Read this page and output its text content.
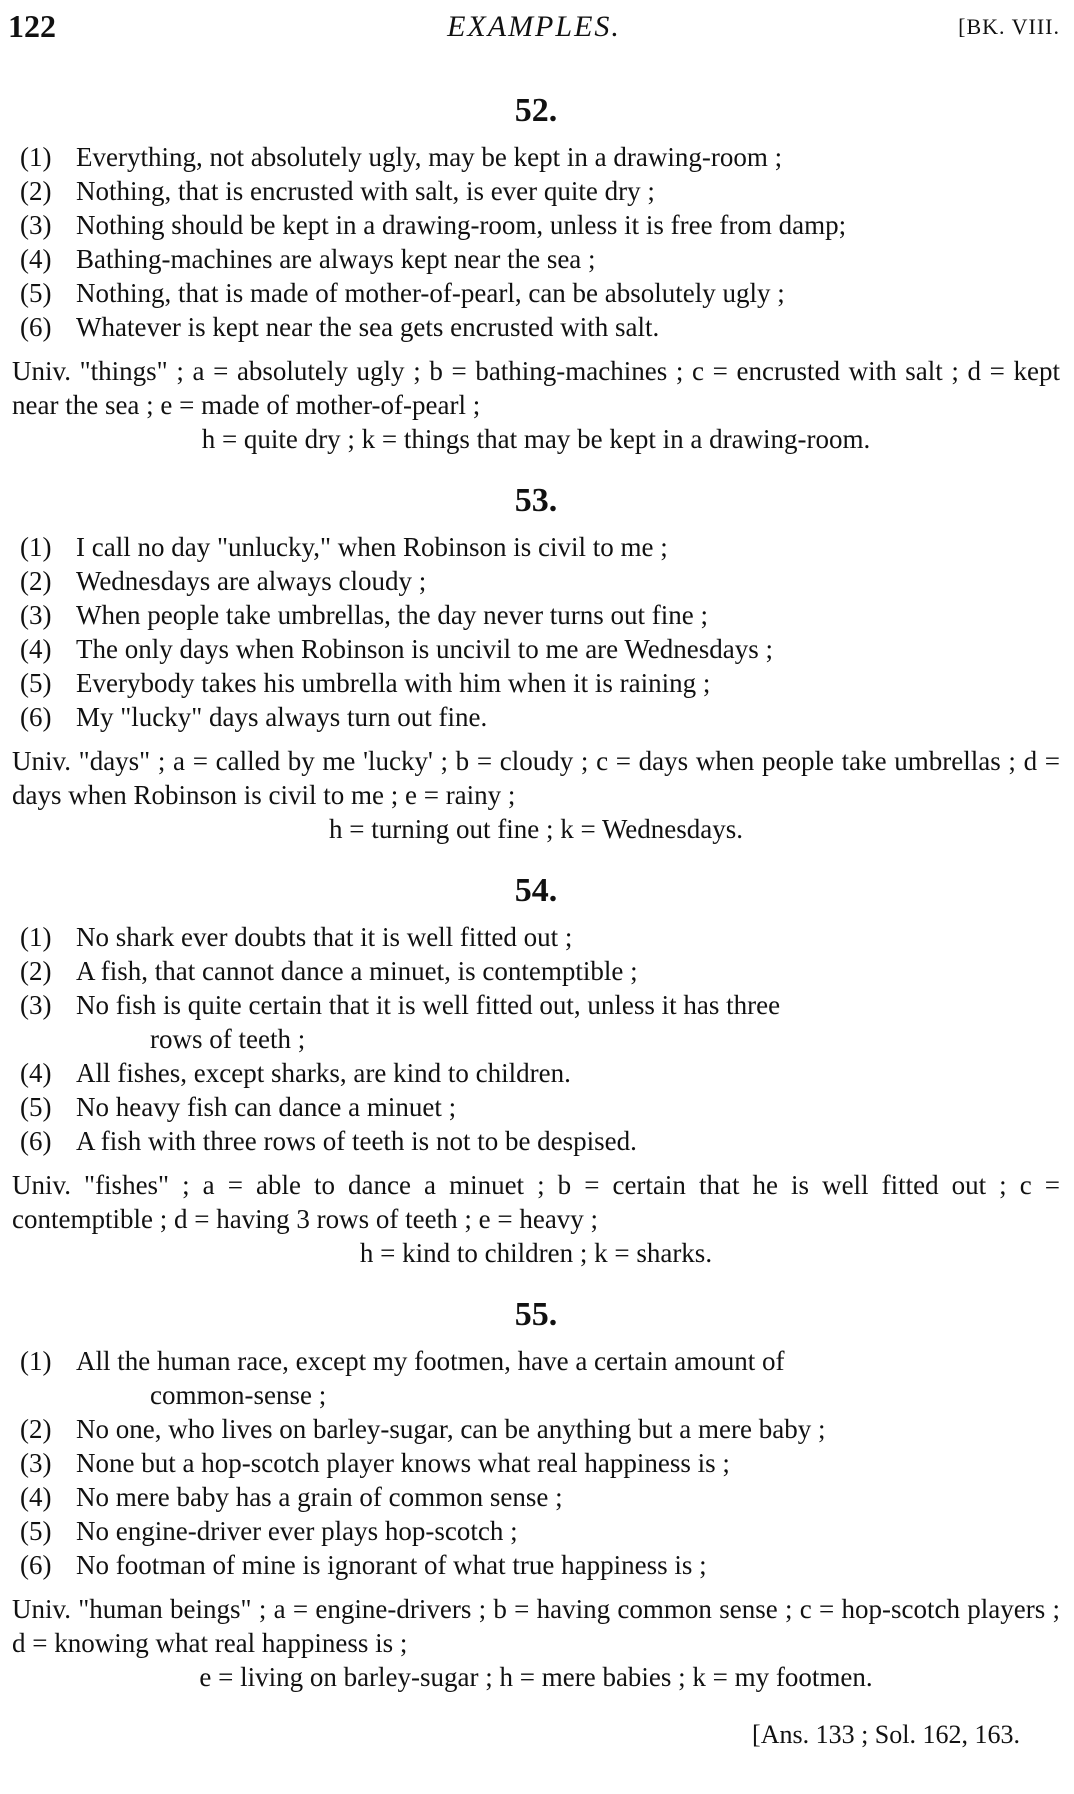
122	EXAMPLES.	[BK. VIII.
52.
(1) Everything, not absolutely ugly, may be kept in a drawing-room ;
(2) Nothing, that is encrusted with salt, is ever quite dry ;
(3) Nothing should be kept in a drawing-room, unless it is free from damp;
(4) Bathing-machines are always kept near the sea ;
(5) Nothing, that is made of mother-of-pearl, can be absolutely ugly ;
(6) Whatever is kept near the sea gets encrusted with salt.
Univ. "things" ; a = absolutely ugly ; b = bathing-machines ; c = encrusted with salt ; d = kept near the sea ; e = made of mother-of-pearl ;
h = quite dry ; k = things that may be kept in a drawing-room.
53.
(1) I call no day "unlucky," when Robinson is civil to me ;
(2) Wednesdays are always cloudy ;
(3) When people take umbrellas, the day never turns out fine ;
(4) The only days when Robinson is uncivil to me are Wednesdays ;
(5) Everybody takes his umbrella with him when it is raining ;
(6) My "lucky" days always turn out fine.
Univ. "days" ; a = called by me 'lucky' ; b = cloudy ; c = days when people take umbrellas ; d = days when Robinson is civil to me ; e = rainy ;
h = turning out fine ; k = Wednesdays.
54.
(1) No shark ever doubts that it is well fitted out ;
(2) A fish, that cannot dance a minuet, is contemptible ;
(3) No fish is quite certain that it is well fitted out, unless it has three
rows of teeth ;
(4) All fishes, except sharks, are kind to children.
(5) No heavy fish can dance a minuet ;
(6) A fish with three rows of teeth is not to be despised.
Univ. "fishes" ; a = able to dance a minuet ; b = certain that he is well fitted out ; c = contemptible ; d = having 3 rows of teeth ; e = heavy ;
h = kind to children ; k = sharks.
55.
(1) All the human race, except my footmen, have a certain amount of
common-sense ;
(2) No one, who lives on barley-sugar, can be anything but a mere baby ;
(3) None but a hop-scotch player knows what real happiness is ;
(4) No mere baby has a grain of common sense ;
(5) No engine-driver ever plays hop-scotch ;
(6) No footman of mine is ignorant of what true happiness is ;
Univ. "human beings" ; a = engine-drivers ; b = having common sense ; c = hop-scotch players ; d = knowing what real happiness is ;
e = living on barley-sugar ; h = mere babies ; k = my footmen.
[Ans. 133 ; Sol. 162, 163.
